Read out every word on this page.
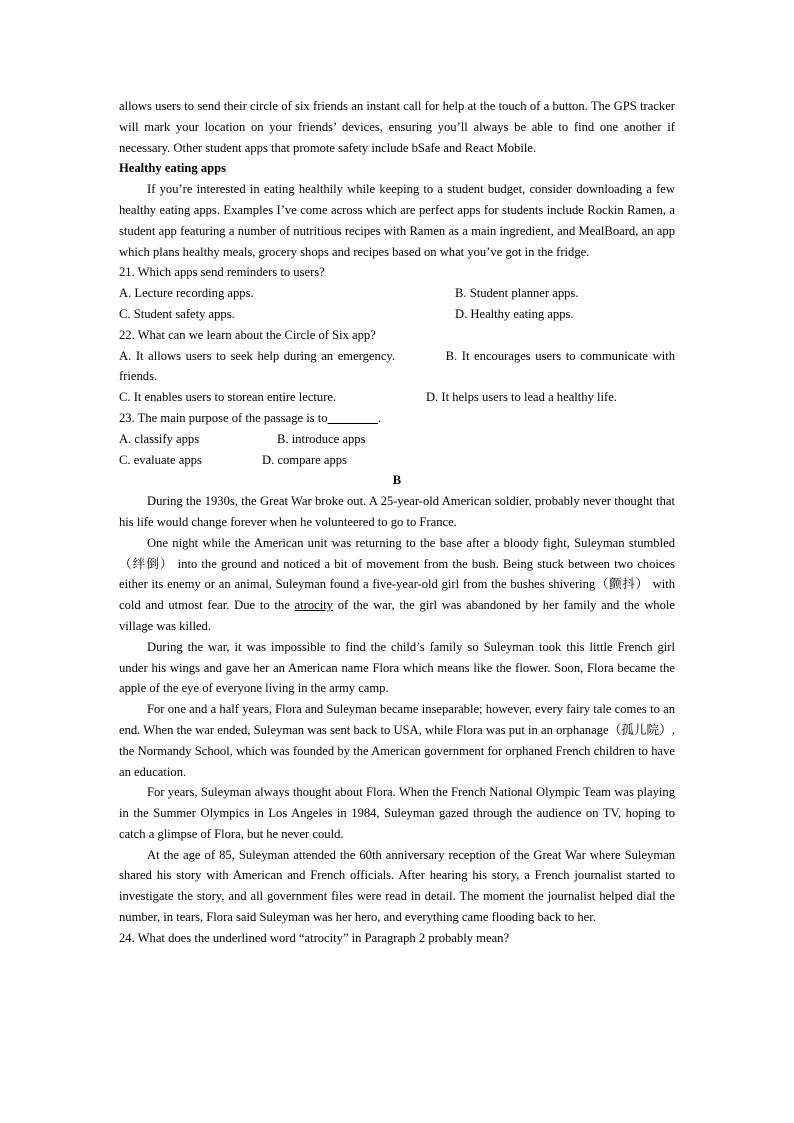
allows users to send their circle of six friends an instant call for help at the touch of a button. The GPS tracker will mark your location on your friends’ devices, ensuring you’ll always be able to find one another if necessary. Other student apps that promote safety include bSafe and React Mobile.

Healthy eating apps

If you’re interested in eating healthily while keeping to a student budget, consider downloading a few healthy eating apps. Examples I’ve come across which are perfect apps for students include Rockin Ramen, a student app featuring a number of nutritious recipes with Ramen as a main ingredient, and MealBoard, an app which plans healthy meals, grocery shops and recipes based on what you’ve got in the fridge.

21. Which apps send reminders to users?

A. Lecture recording apps.	B. Student planner apps.
C. Student safety apps.	D. Healthy eating apps.

22. What can we learn about the Circle of Six app?

A. It allows users to seek help during an emergency.	B. It encourages users to communicate with friends.

C. It enables users to storean entire lecture.	D. It helps users to lead a healthy life.

23. The main purpose of the passage is to________.

A. classify apps	B. introduce apps
C. evaluate apps	D. compare apps

B

During the 1930s, the Great War broke out. A 25-year-old American soldier, probably never thought that his life would change forever when he volunteered to go to France.

One night while the American unit was returning to the base after a bloody fight, Suleyman stumbled（绊倒） into the ground and noticed a bit of movement from the bush. Being stuck between two choices either its enemy or an animal, Suleyman found a five-year-old girl from the bushes shivering（颤抖） with cold and utmost fear. Due to the atrocity of the war, the girl was abandoned by her family and the whole village was killed.

During the war, it was impossible to find the child’s family so Suleyman took this little French girl under his wings and gave her an American name Flora which means like the flower. Soon, Flora became the apple of the eye of everyone living in the army camp.

For one and a half years, Flora and Suleyman became inseparable; however, every fairy tale comes to an end. When the war ended, Suleyman was sent back to USA, while Flora was put in an orphanage（孤儿院）, the Normandy School, which was founded by the American government for orphaned French children to have an education.

For years, Suleyman always thought about Flora. When the French National Olympic Team was playing in the Summer Olympics in Los Angeles in 1984, Suleyman gazed through the audience on TV, hoping to catch a glimpse of Flora, but he never could.

At the age of 85, Suleyman attended the 60th anniversary reception of the Great War where Suleyman shared his story with American and French officials. After hearing his story, a French journalist started to investigate the story, and all government files were read in detail. The moment the journalist helped dial the number, in tears, Flora said Suleyman was her hero, and everything came flooding back to her.

24. What does the underlined word “atrocity” in Paragraph 2 probably mean?
